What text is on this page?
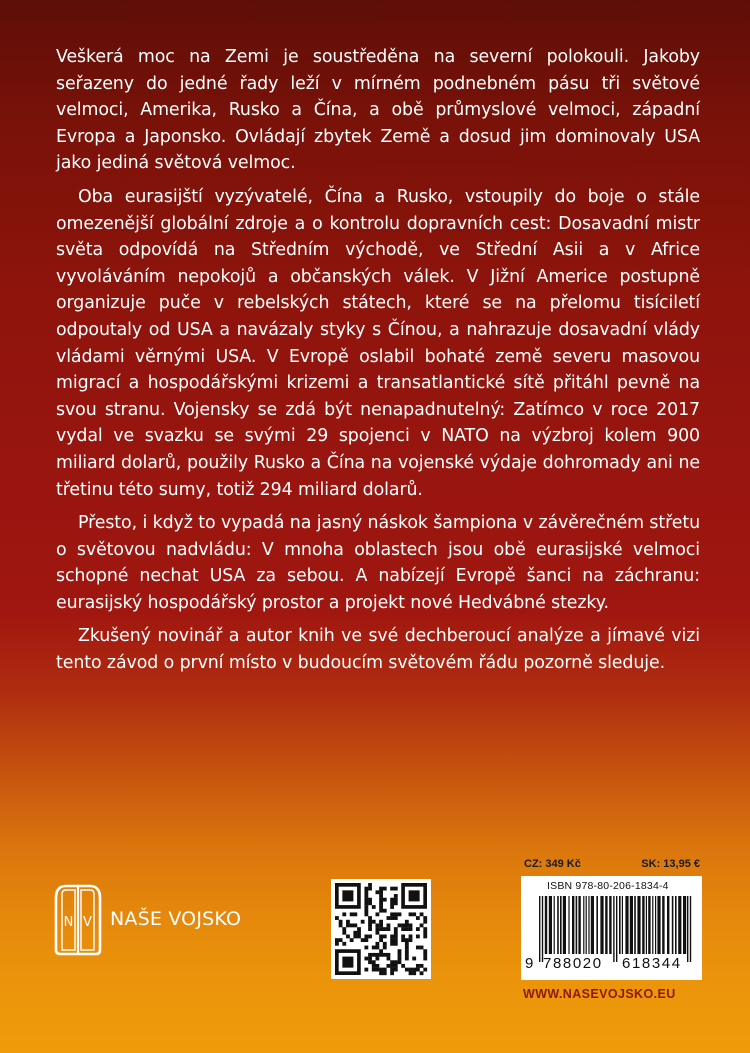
Veškerá moc na Zemi je soustředěna na severní polokouli. Jakoby seřazeny do jedné řady leží v mírném podnebném pásu tři světové velmoci, Amerika, Rusko a Čína, a obě průmyslové velmoci, západní Evropa a Japonsko. Ovládají zbytek Země a dosud jim dominovaly USA jako jediná světová velmoc.

Oba eurasijští vyzývatelé, Čína a Rusko, vstoupily do boje o stále omezenější globální zdroje a o kontrolu dopravních cest: Dosavadní mistr světa odpovídá na Středním východě, ve Střední Asii a v Africe vyvoláváním nepokojů a občanských válek. V Jižní Americe postupně organizuje puče v rebelských státech, které se na přelomu tisíciletí odpoutaly od USA a navázaly styky s Čínou, a nahrazuje dosavadní vlády vládami věrnými USA. V Evropě oslabil bohaté země severu masovou migrací a hospodářskými krizemi a transatlantické sítě přitáhl pevně na svou stranu. Vojensky se zdá být nenapadnutelný: Zatímco v roce 2017 vydal ve svazku se svými 29 spojenci v NATO na výzbroj kolem 900 miliard dolarů, použily Rusko a Čína na vojenské výdaje dohromady ani ne třetinu této sumy, totiž 294 miliard dolarů.

Přesto, i když to vypadá na jasný náskok šampiona v závěrečném střetu o světovou nadvládu: V mnoha oblastech jsou obě eurasijské velmoci schopné nechat USA za sebou. A nabízejí Evropě šanci na záchranu: eurasijský hospodářský prostor a projekt nové Hedvábné stezky.

Zkušený novinář a autor knih ve své dechberoucí analýze a jímavé vizi tento závod o první místo v budoucím světovém řádu pozorně sleduje.

N V NAŠE VOJSKO
CZ: 349 Kč	SK: 13,95 €
ISBN 978-80-206-1834-4
9 788020 618344
WWW.NASEVOJSKO.EU
